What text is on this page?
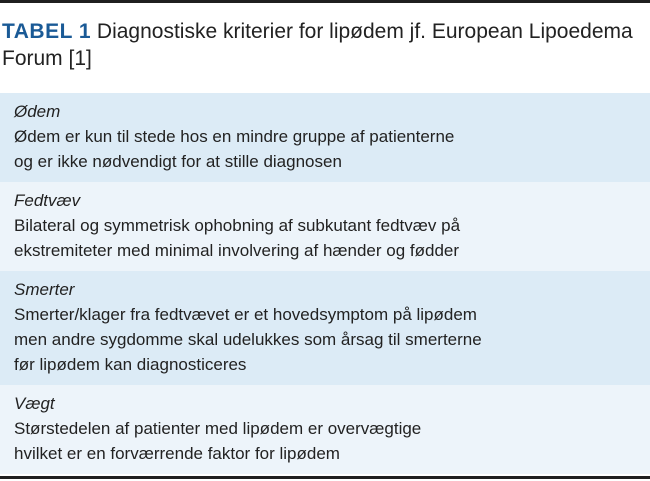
TABEL 1 Diagnostiske kriterier for lipødem jf. European Lipoedema Forum [1]
Ødem
Ødem er kun til stede hos en mindre gruppe af patienterne
og er ikke nødvendigt for at stille diagnosen
Fedtvæv
Bilateral og symmetrisk ophobning af subkutant fedtvæv på
ekstremiteter med minimal involvering af hænder og fødder
Smerter
Smerter/klager fra fedtvævet er et hovedsymptom på lipødem
men andre sygdomme skal udelukkes som årsag til smerterne
før lipødem kan diagnosticeres
Vægt
Størstedelen af patienter med lipødem er overvægtige
hvilket er en forværrende faktor for lipødem
